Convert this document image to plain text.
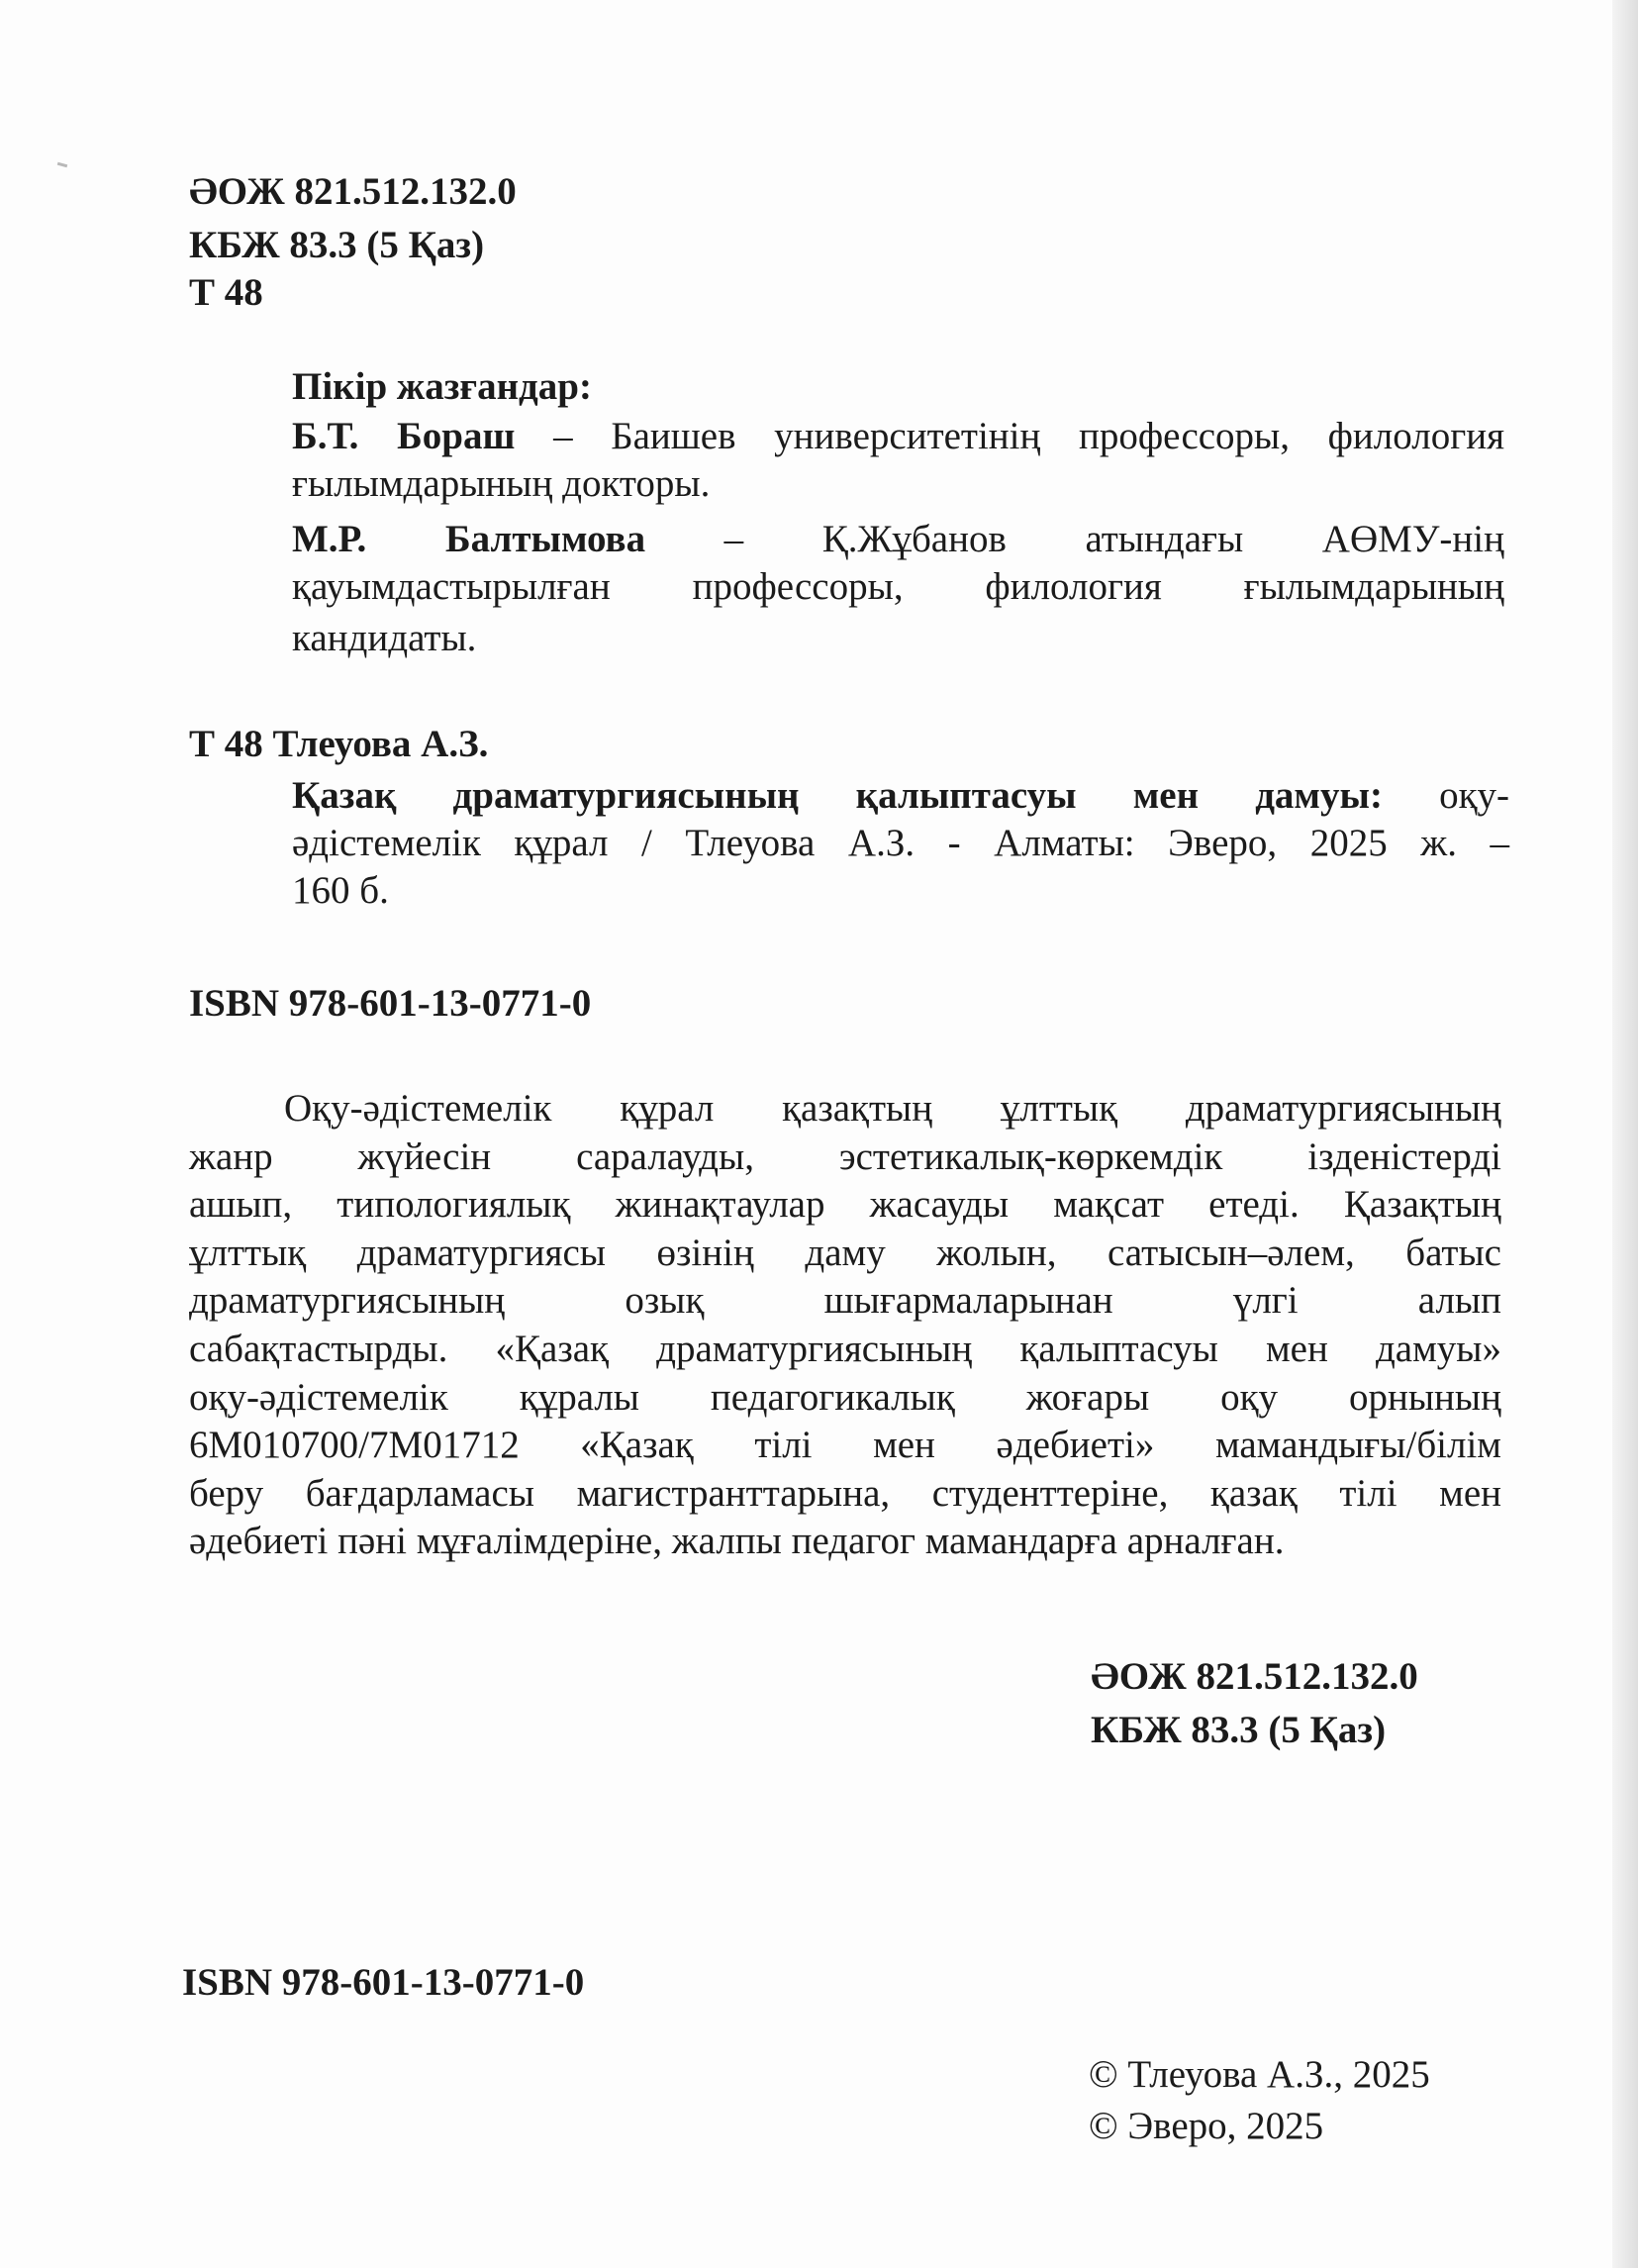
ӘОЖ 821.512.132.0
КБЖ 83.3 (5 Қаз)
Т 48
Пікір жазғандар:
Б.Т. Бораш – Баишев университетінің профессоры, филология
ғылымдарының докторы.
М.Р. Балтымова – Қ.Жұбанов атындағы АӨМУ-нің
қауымдастырылған профессоры, филология ғылымдарының
кандидаты.
Т 48 Тлеуова А.З.
Қазақ драматургиясының қалыптасуы мен дамуы: оқу-
әдістемелік құрал / Тлеуова А.З. - Алматы: Эверо, 2025 ж. –
160 б.
ISBN 978-601-13-0771-0
Оқу-әдістемелік құрал қазақтың ұлттық драматургиясының
жанр жүйесін саралауды, эстетикалық-көркемдік ізденістерді
ашып, типологиялық жинақтаулар жасауды мақсат етеді. Қазақтың
ұлттық драматургиясы өзінің даму жолын, сатысын–әлем, батыс
драматургиясының озық шығармаларынан үлгі алып
сабақтастырды. «Қазақ драматургиясының қалыптасуы мен дамуы»
оқу-әдістемелік құралы педагогикалық жоғары оқу орнының
6М010700/7М01712 «Қазақ тілі мен әдебиеті» мамандығы/білім
беру бағдарламасы магистранттарына, студенттеріне, қазақ тілі мен
әдебиеті пәні мұғалімдеріне, жалпы педагог мамандарға арналған.
ӘОЖ 821.512.132.0
КБЖ 83.3 (5 Қаз)
ISBN 978-601-13-0771-0
© Тлеуова А.З., 2025
© Эверо, 2025
